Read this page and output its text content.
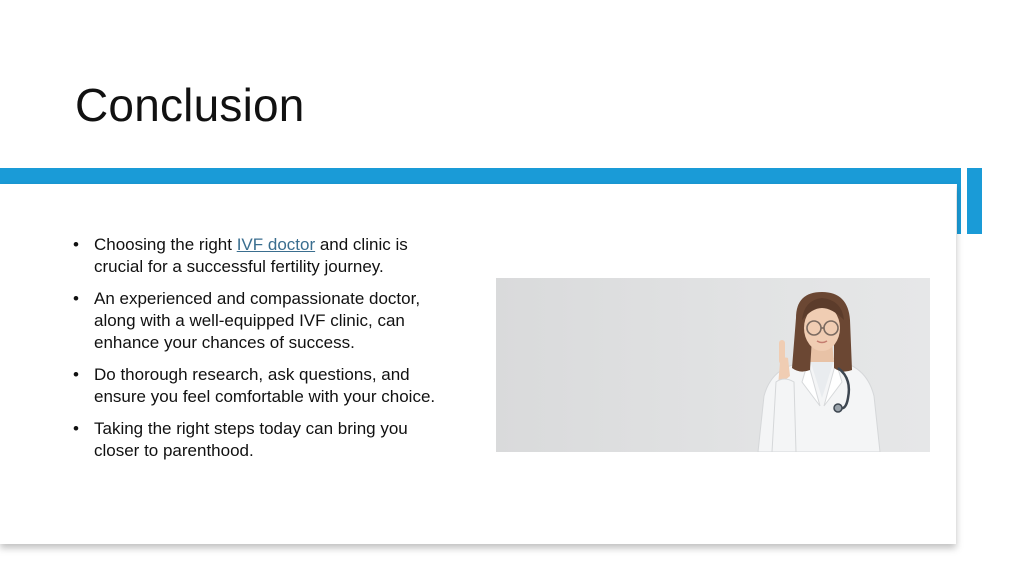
Conclusion
• Choosing the right IVF doctor and clinic is crucial for a successful fertility journey.
• An experienced and compassionate doctor, along with a well-equipped IVF clinic, can enhance your chances of success.
• Do thorough research, ask questions, and ensure you feel comfortable with your choice.
• Taking the right steps today can bring you closer to parenthood.
